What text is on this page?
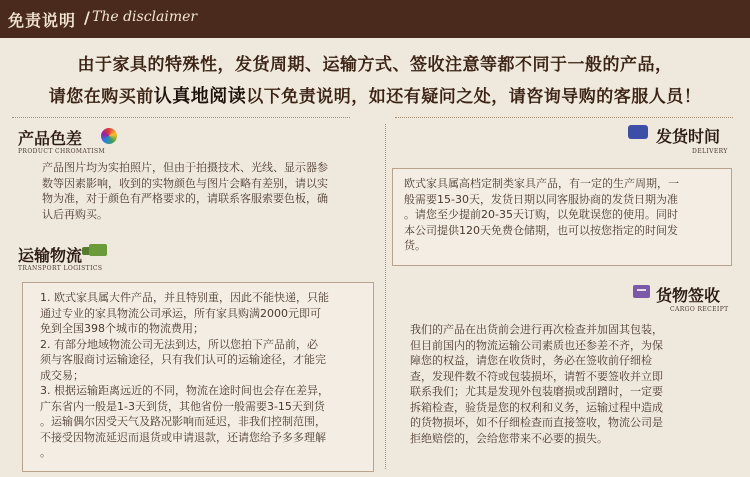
免责说明 / The disclaimer
由于家具的特殊性，发货周期、运输方式、签收注意等都不同于一般的产品，
请您在购买前认真地阅读以下免责说明，如还有疑问之处，请咨询导购的客服人员！
产品色差
PRODUCT CHROMATISM
产品图片均为实拍照片，但由于拍摄技术、光线、显示器参
数等因素影响，收到的实物颜色与图片会略有差别，请以实
物为准，对于颜色有严格要求的，请联系客服索要色板，确
认后再购买。
运输物流
TRANSPORT LOGISTICS
1. 欧式家具属大件产品，并且特别重，因此不能快递，只能
通过专业的家具物流公司承运，所有家具购满2000元即可
免到全国398个城市的物流费用；
2. 有部分地域物流公司无法到达，所以您拍下产品前，必
须与客服商讨运输途径，只有我们认可的运输途径，才能完
成交易；
3. 根据运输距离远近的不同，物流在途时间也会存在差异，
广东省内一般是1-3天到货，其他省份一般需要3-15天到货
。运输偶尔因受天气及路况影响而延迟，非我们控制范围，
不接受因物流延迟而退货或申请退款，还请您给予多多理解
。
发货时间
DELIVERY
欧式家具属高档定制类家具产品，有一定的生产周期，一
般需要15-30天，发货日期以同客服协商的发货日期为准
。请您至少提前20-35天订购，以免耽误您的使用。同时
本公司提供120天免费仓储期，也可以按您指定的时间发
货。
货物签收
CARGO RECEIPT
我们的产品在出货前会进行再次检查并加固其包装，
但目前国内的物流运输公司素质也还参差不齐，为保
障您的权益，请您在收货时，务必在签收前仔细检
查，发现件数不符或包装损坏，请暂不要签收并立即
联系我们；尤其是发现外包装磨损或刮蹭时，一定要
拆箱检查，验货是您的权利和义务，运输过程中造成
的货物损坏，如不仔细检查而直接签收，物流公司是
拒绝赔偿的，会给您带来不必要的损失。
